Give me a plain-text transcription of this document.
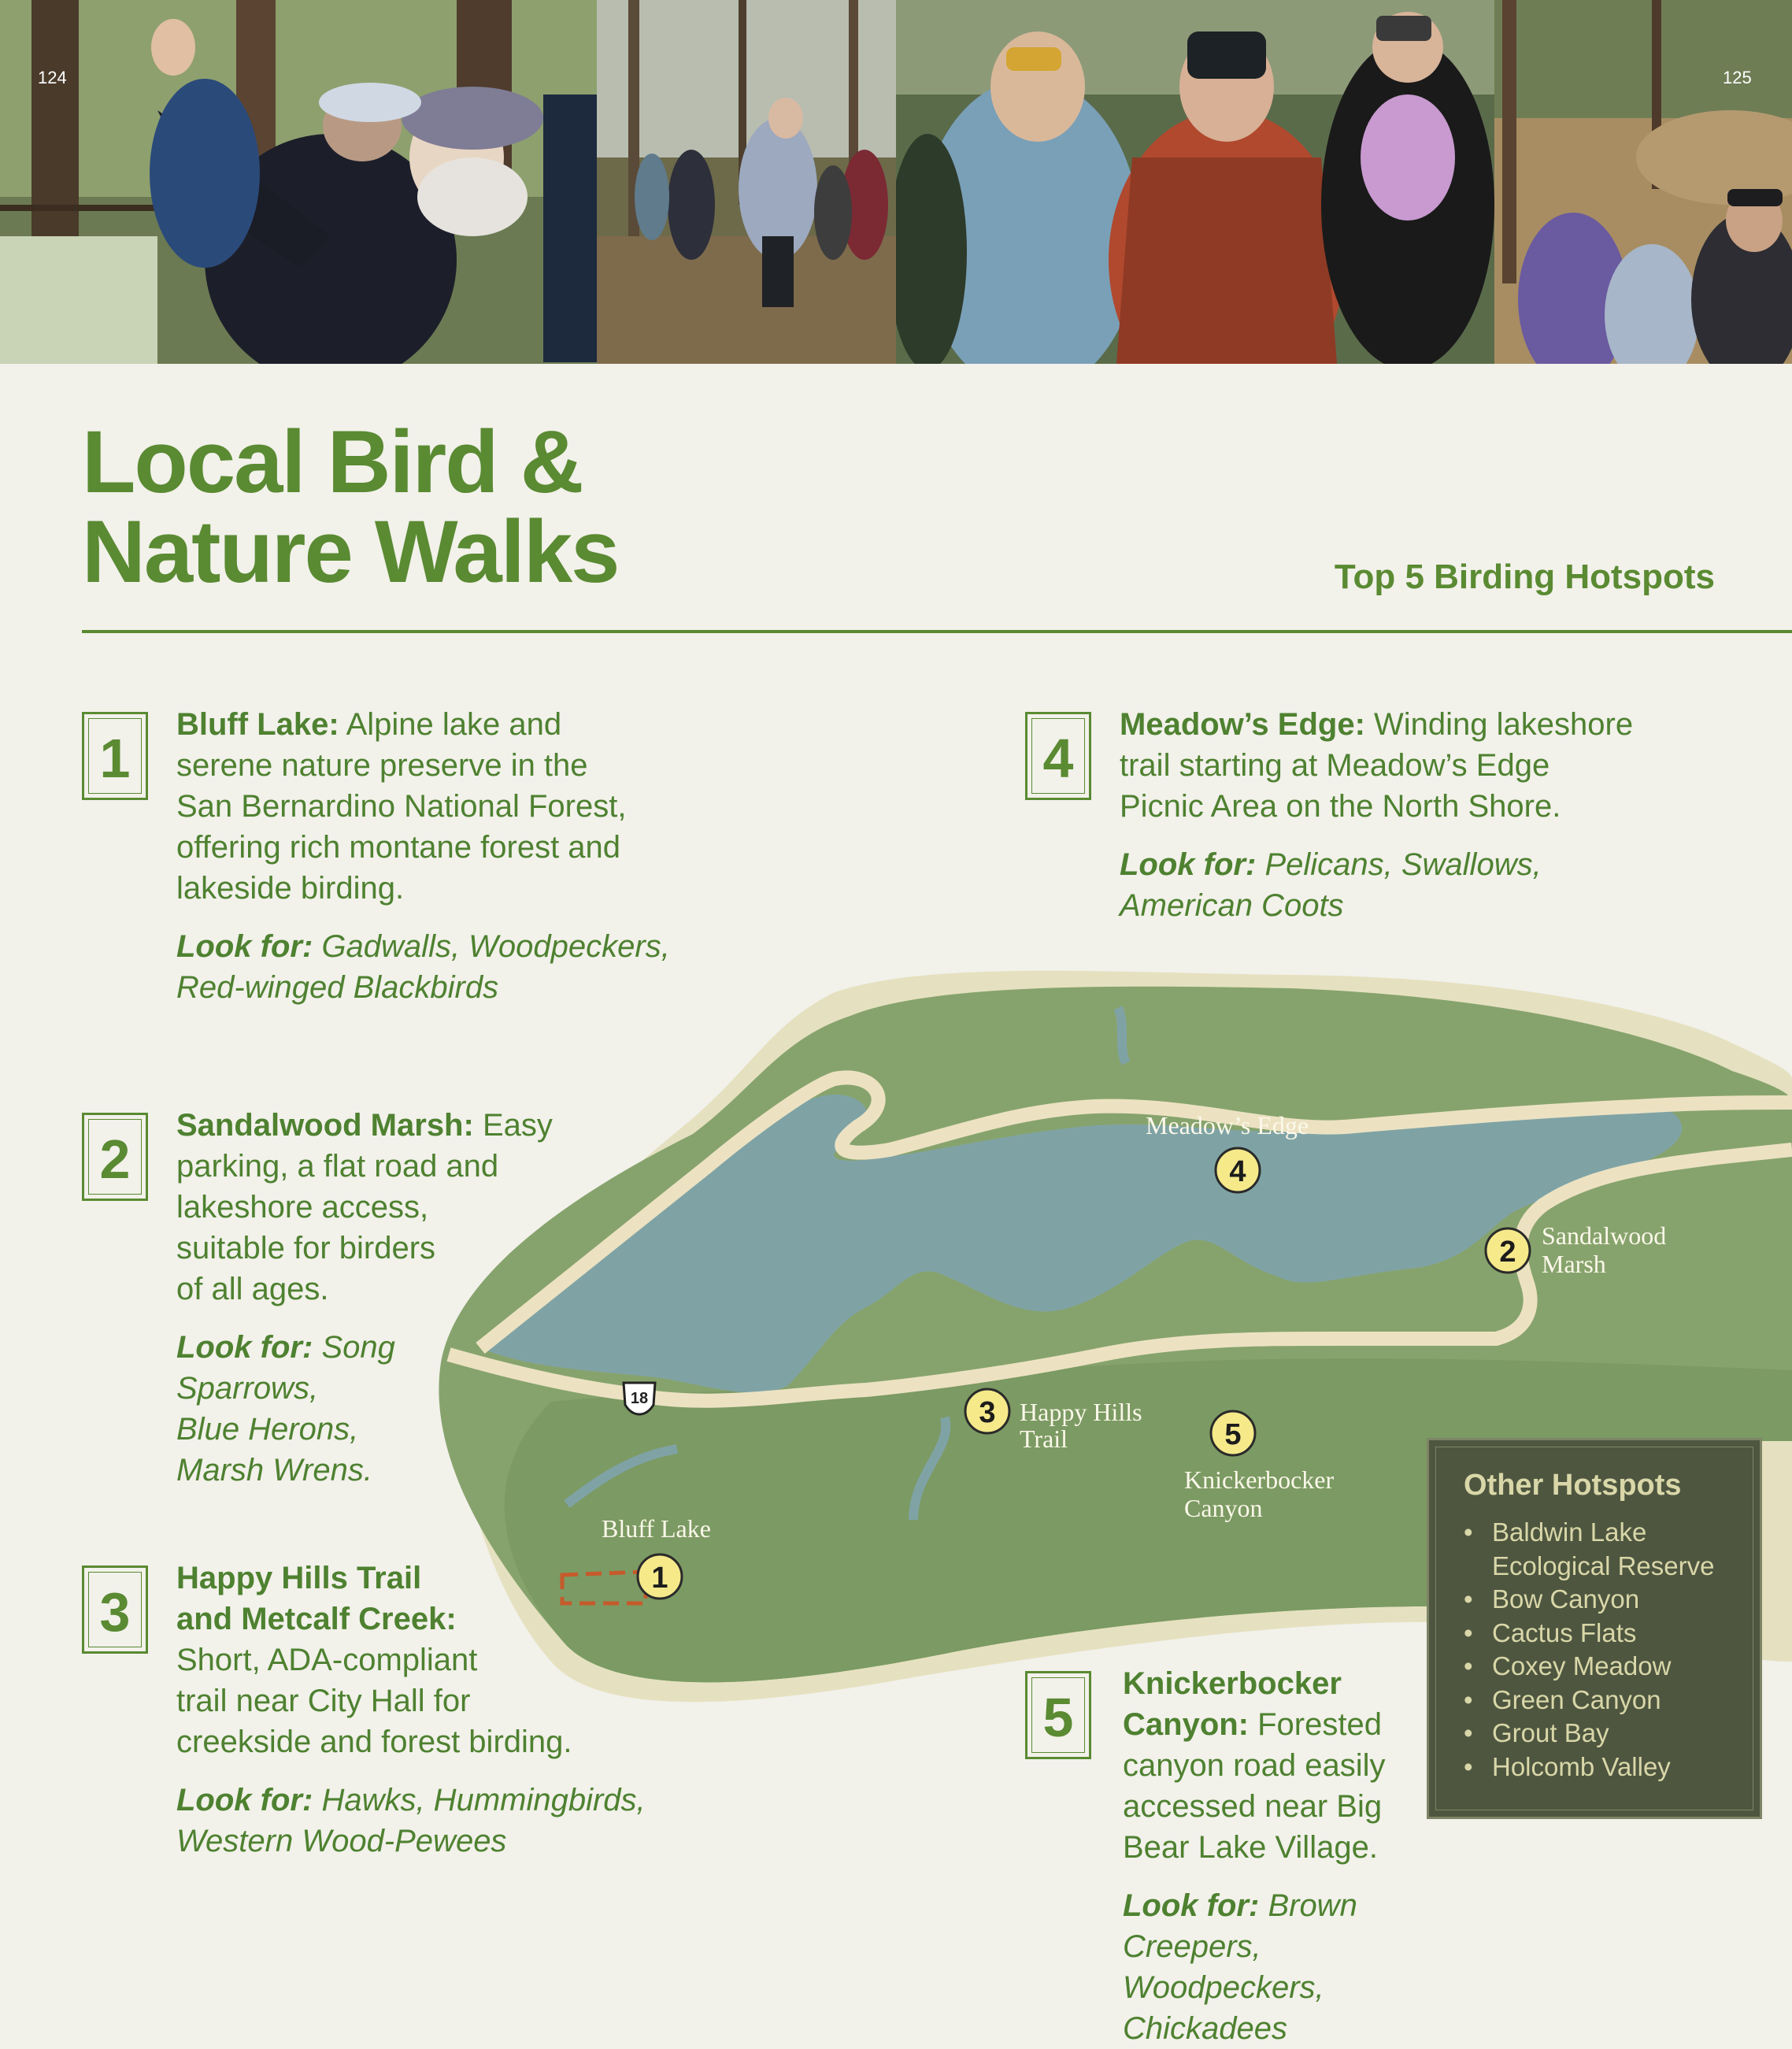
124	125
Local Bird &
Nature Walks	Top 5 Birding Hotspots
18
Meadow’s Edge
Sandalwood
Marsh
Happy Hills
Trail
Knickerbocker
Canyon
Bluff Lake
4
2
3
5
1
1
Bluff Lake: Alpine lake and
serene nature preserve in the
San Bernardino National Forest,
offering rich montane forest and
lakeside birding.
Look for: Gadwalls, Woodpeckers,
Red-winged Blackbirds
2
Sandalwood Marsh: Easy
parking, a flat road and
lakeshore access,
suitable for birders
of all ages.
Look for: Song
Sparrows,
Blue Herons,
Marsh Wrens.
3
Happy Hills Trail
and Metcalf Creek:
Short, ADA-compliant
trail near City Hall for
creekside and forest birding.
Look for: Hawks, Hummingbirds,
Western Wood-Pewees
4
Meadow’s Edge: Winding lakeshore
trail starting at Meadow’s Edge
Picnic Area on the North Shore.
Look for: Pelicans, Swallows,
American Coots
5
Knickerbocker
Canyon: Forested
canyon road easily
accessed near Big
Bear Lake Village.
Look for: Brown Creepers,
Woodpeckers, Chickadees
Other Hotspots
• Baldwin Lake
Ecological Reserve
• Bow Canyon
• Cactus Flats
• Coxey Meadow
• Green Canyon
• Grout Bay
• Holcomb Valley
